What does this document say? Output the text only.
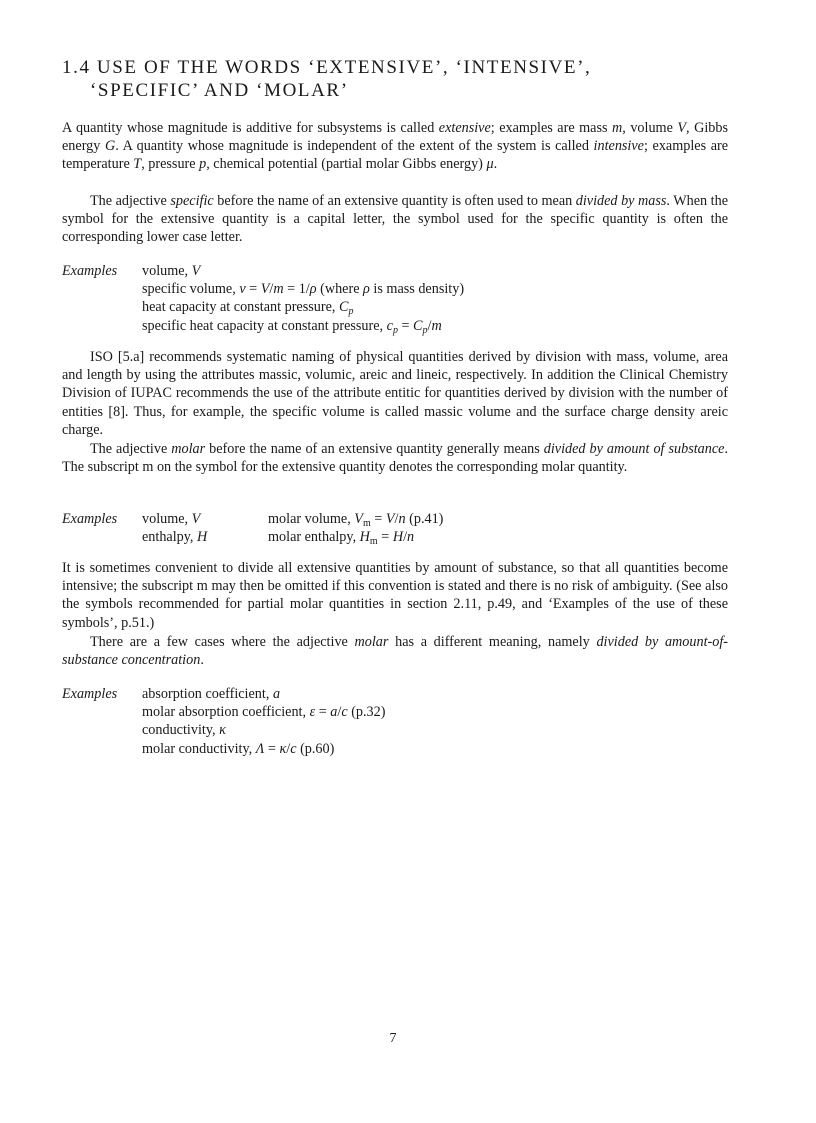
1.4 USE OF THE WORDS ‘EXTENSIVE’, ‘INTENSIVE’,
‘SPECIFIC’ AND ‘MOLAR’

A quantity whose magnitude is additive for subsystems is called extensive; examples are mass m, volume V, Gibbs energy G. A quantity whose magnitude is independent of the extent of the system is called intensive; examples are temperature T, pressure p, chemical potential (partial molar Gibbs energy) μ.

The adjective specific before the name of an extensive quantity is often used to mean divided by mass. When the symbol for the extensive quantity is a capital letter, the symbol used for the specific quantity is often the corresponding lower case letter.

Examples volume, V
specific volume, v = V/m = 1/ρ (where ρ is mass density)
heat capacity at constant pressure, $C_p$
specific heat capacity at constant pressure, $c_p = C_p/m$

ISO [5.a] recommends systematic naming of physical quantities derived by division with mass, volume, area and length by using the attributes massic, volumic, areic and lineic, respectively. In addition the Clinical Chemistry Division of IUPAC recommends the use of the attribute entitic for quantities derived by division with the number of entities [8]. Thus, for example, the specific volume is called massic volume and the surface charge density areic charge.

The adjective molar before the name of an extensive quantity generally means divided by amount of substance. The subscript m on the symbol for the extensive quantity denotes the corresponding molar quantity.

Examples volume, V	molar volume, $V_m = V/n$ (p.41)
enthalpy, H	molar enthalpy, $H_m = H/n$

It is sometimes convenient to divide all extensive quantities by amount of substance, so that all quantities become intensive; the subscript m may then be omitted if this convention is stated and there is no risk of ambiguity. (See also the symbols recommended for partial molar quantities in section 2.11, p.49, and ‘Examples of the use of these symbols’, p.51.)

There are a few cases where the adjective molar has a different meaning, namely divided by amount-of-substance concentration.

Examples absorption coefficient, a
molar absorption coefficient, ε = a/c (p.32)
conductivity, κ
molar conductivity, Λ = κ/c (p.60)
7
